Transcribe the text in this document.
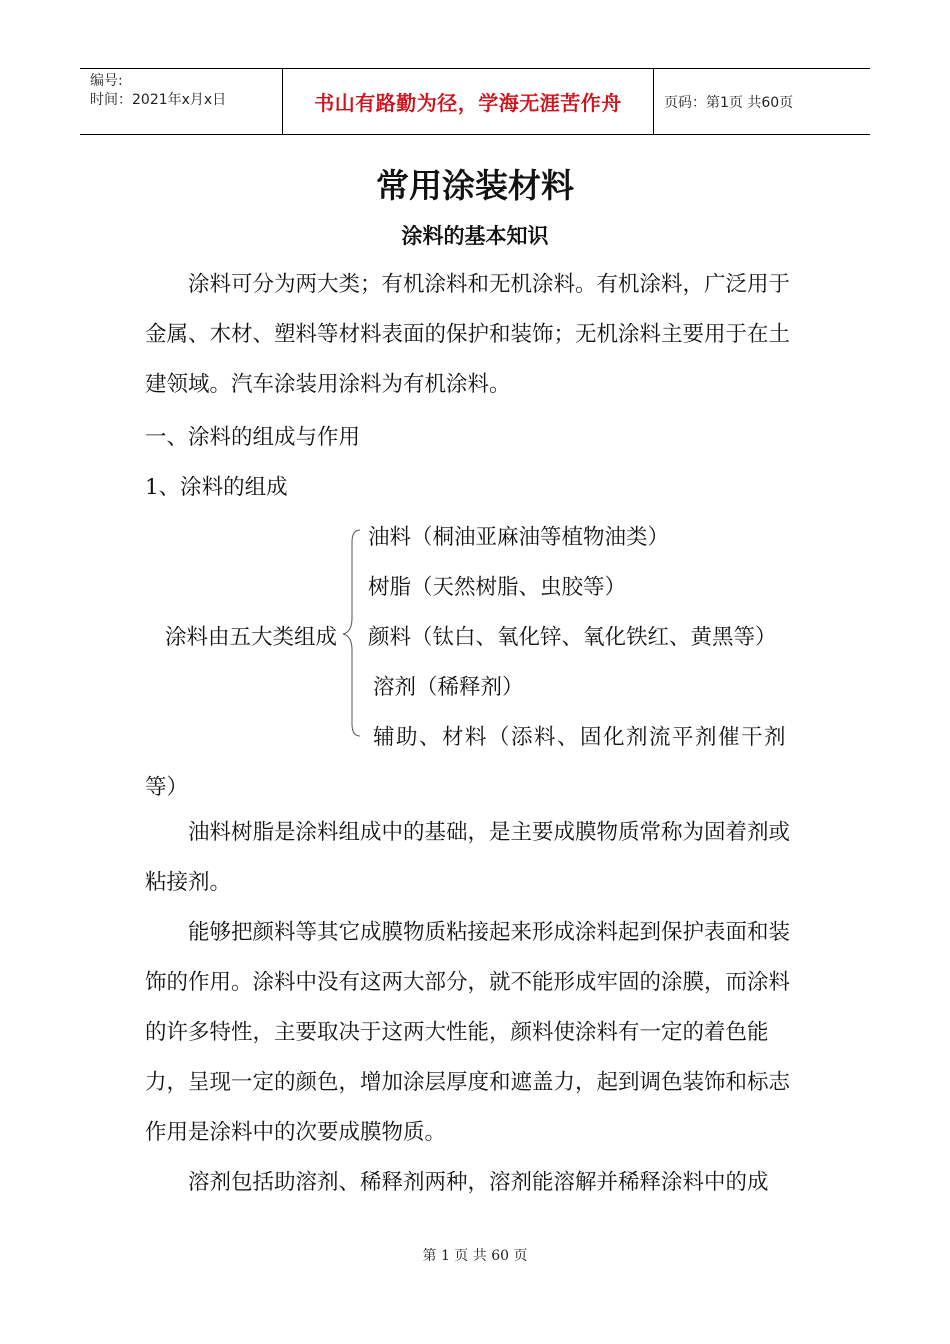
编号:
时间：2021年x月x日	书山有路勤为径，学海无涯苦作舟	页码：第1页 共60页
常用涂装材料
涂料的基本知识

涂料可分为两大类；有机涂料和无机涂料。有机涂料，广泛用于金属、木材、塑料等材料表面的保护和装饰；无机涂料主要用于在土建领域。汽车涂装用涂料为有机涂料。

一、涂料的组成与作用
1、涂料的组成
涂料由五大类组成
油料（桐油亚麻油等植物油类）
树脂（天然树脂、虫胶等）
颜料（钛白、氧化锌、氧化铁红、黄黑等）
溶剂（稀释剂）
辅助、材料（添料、固化剂流平剂催干剂
等）

油料树脂是涂料组成中的基础，是主要成膜物质常称为固着剂或粘接剂。

能够把颜料等其它成膜物质粘接起来形成涂料起到保护表面和装饰的作用。涂料中没有这两大部分，就不能形成牢固的涂膜，而涂料的许多特性，主要取决于这两大性能，颜料使涂料有一定的着色能力，呈现一定的颜色，增加涂层厚度和遮盖力，起到调色装饰和标志作用是涂料中的次要成膜物质。

溶剂包括助溶剂、稀释剂两种，溶剂能溶解并稀释涂料中的成

第 1 页 共 60 页
